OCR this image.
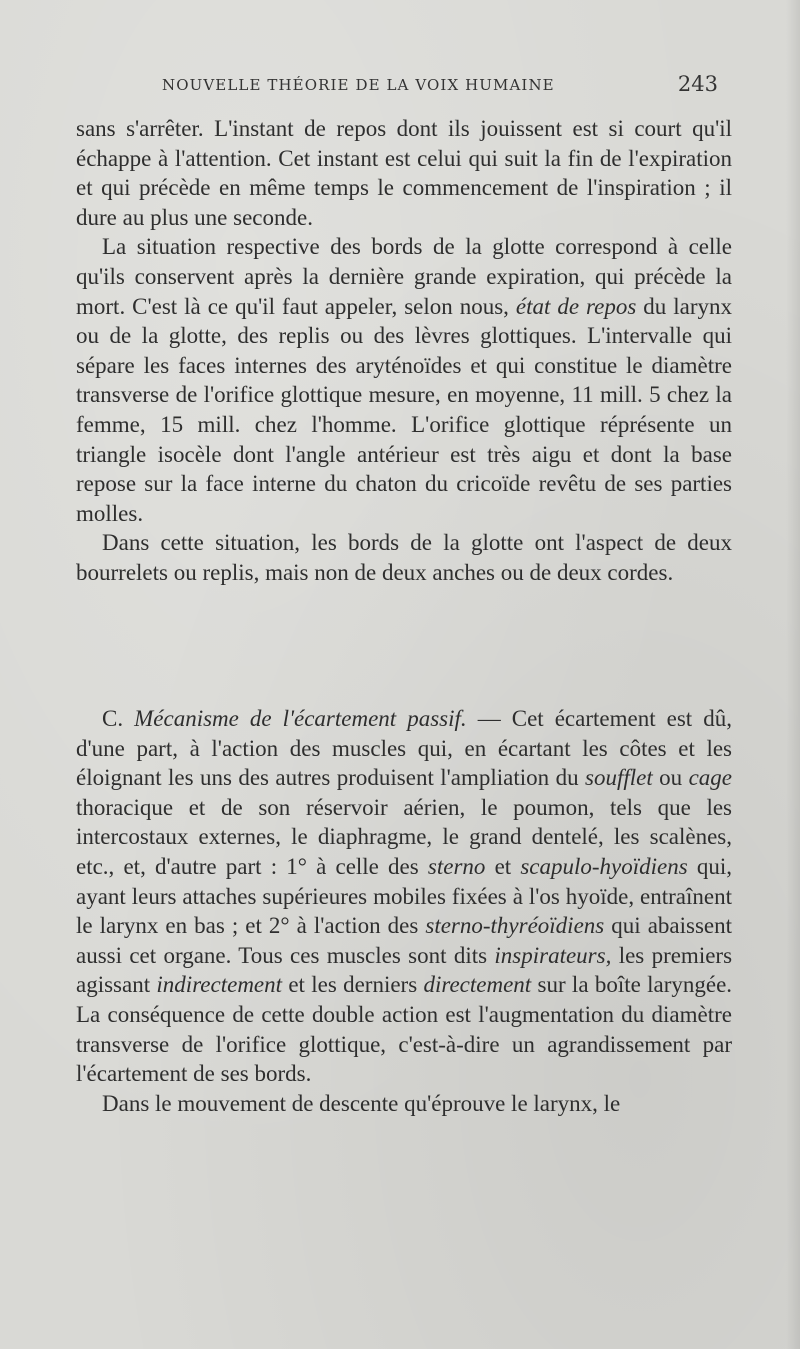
NOUVELLE THÉORIE DE LA VOIX HUMAINE	243

sans s'arrêter. L'instant de repos dont ils jouissent est si court qu'il échappe à l'attention. Cet instant est celui qui suit la fin de l'expiration et qui précède en même temps le commencement de l'inspiration ; il dure au plus une seconde.

La situation respective des bords de la glotte correspond à celle qu'ils conservent après la dernière grande expiration, qui précède la mort. C'est là ce qu'il faut appeler, selon nous, état de repos du larynx ou de la glotte, des replis ou des lèvres glottiques. L'intervalle qui sépare les faces internes des aryténoïdes et qui constitue le diamètre transverse de l'orifice glottique mesure, en moyenne, 11 mill. 5 chez la femme, 15 mill. chez l'homme. L'orifice glottique réprésente un triangle isocèle dont l'angle antérieur est très aigu et dont la base repose sur la face interne du chaton du cricoïde revêtu de ses parties molles.

Dans cette situation, les bords de la glotte ont l'aspect de deux bourrelets ou replis, mais non de deux anches ou de deux cordes.

C. Mécanisme de l'écartement passif. — Cet écartement est dû, d'une part, à l'action des muscles qui, en écartant les côtes et les éloignant les uns des autres produisent l'ampliation du soufflet ou cage thoracique et de son réservoir aérien, le poumon, tels que les intercostaux externes, le diaphragme, le grand dentelé, les scalènes, etc., et, d'autre part : 1° à celle des sterno et scapulo-hyoïdiens qui, ayant leurs attaches supérieures mobiles fixées à l'os hyoïde, entraînent le larynx en bas ; et 2° à l'action des sterno-thyréoïdiens qui abaissent aussi cet organe. Tous ces muscles sont dits inspirateurs, les premiers agissant indirectement et les derniers directement sur la boîte laryngée. La conséquence de cette double action est l'augmentation du diamètre transverse de l'orifice glottique, c'est-à-dire un agrandissement par l'écartement de ses bords.

Dans le mouvement de descente qu'éprouve le larynx, le
